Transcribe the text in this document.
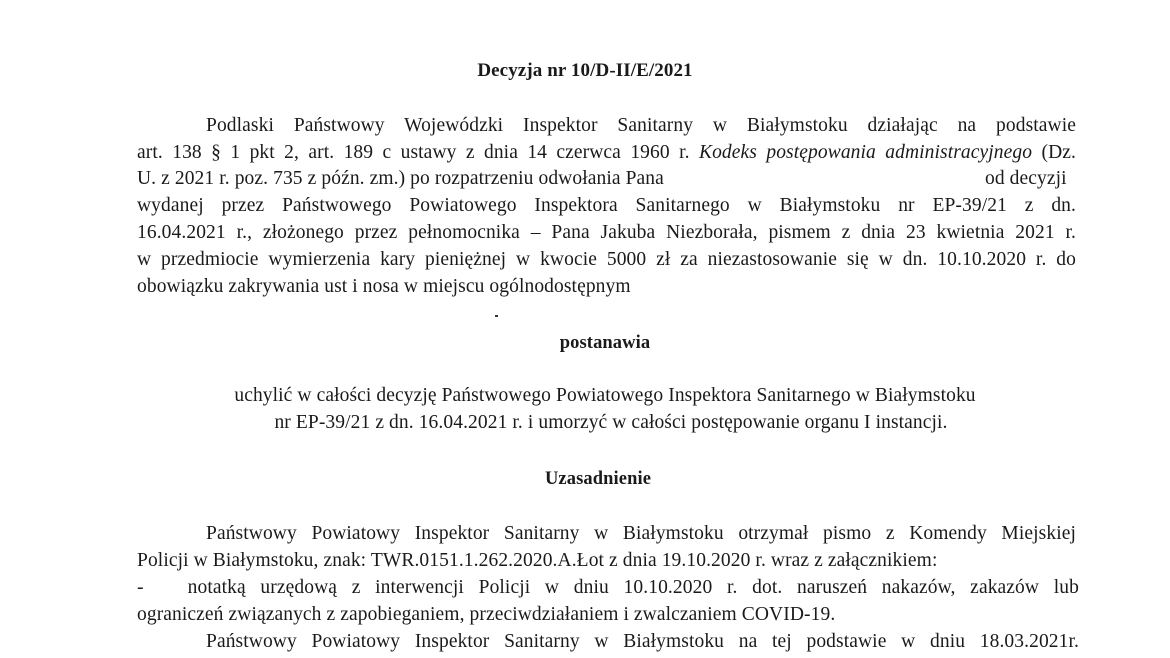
Decyzja nr 10/D-II/E/2021
Podlaski Państwowy Wojewódzki Inspektor Sanitarny w Białymstoku działając na podstawie
art. 138 § 1 pkt 2, art. 189 c ustawy z dnia 14 czerwca 1960 r. Kodeks postępowania administracyjnego (Dz.
U. z 2021 r. poz. 735 z późn. zm.) po rozpatrzeniu odwołania Pana	od decyzji
wydanej przez Państwowego Powiatowego Inspektora Sanitarnego w Białymstoku nr EP-39/21 z dn.
16.04.2021 r., złożonego przez pełnomocnika – Pana Jakuba Niezborała, pismem z dnia 23 kwietnia 2021 r.
w przedmiocie wymierzenia kary pieniężnej w kwocie 5000 zł za niezastosowanie się w dn. 10.10.2020 r. do
obowiązku zakrywania ust i nosa w miejscu ogólnodostępnym
postanawia
uchylić w całości decyzję Państwowego Powiatowego Inspektora Sanitarnego w Białymstoku
nr EP-39/21 z dn. 16.04.2021 r. i umorzyć w całości postępowanie organu I instancji.
Uzasadnienie
Państwowy Powiatowy Inspektor Sanitarny w Białymstoku otrzymał pismo z Komendy Miejskiej
Policji w Białymstoku, znak: TWR.0151.1.262.2020.A.Łot z dnia 19.10.2020 r. wraz z załącznikiem:
-   notatką urzędową z interwencji Policji w dniu 10.10.2020 r. dot. naruszeń nakazów, zakazów lub
ograniczeń związanych z zapobieganiem, przeciwdziałaniem i zwalczaniem COVID-19.
Państwowy Powiatowy Inspektor Sanitarny w Białymstoku na tej podstawie w dniu 18.03.2021r.
